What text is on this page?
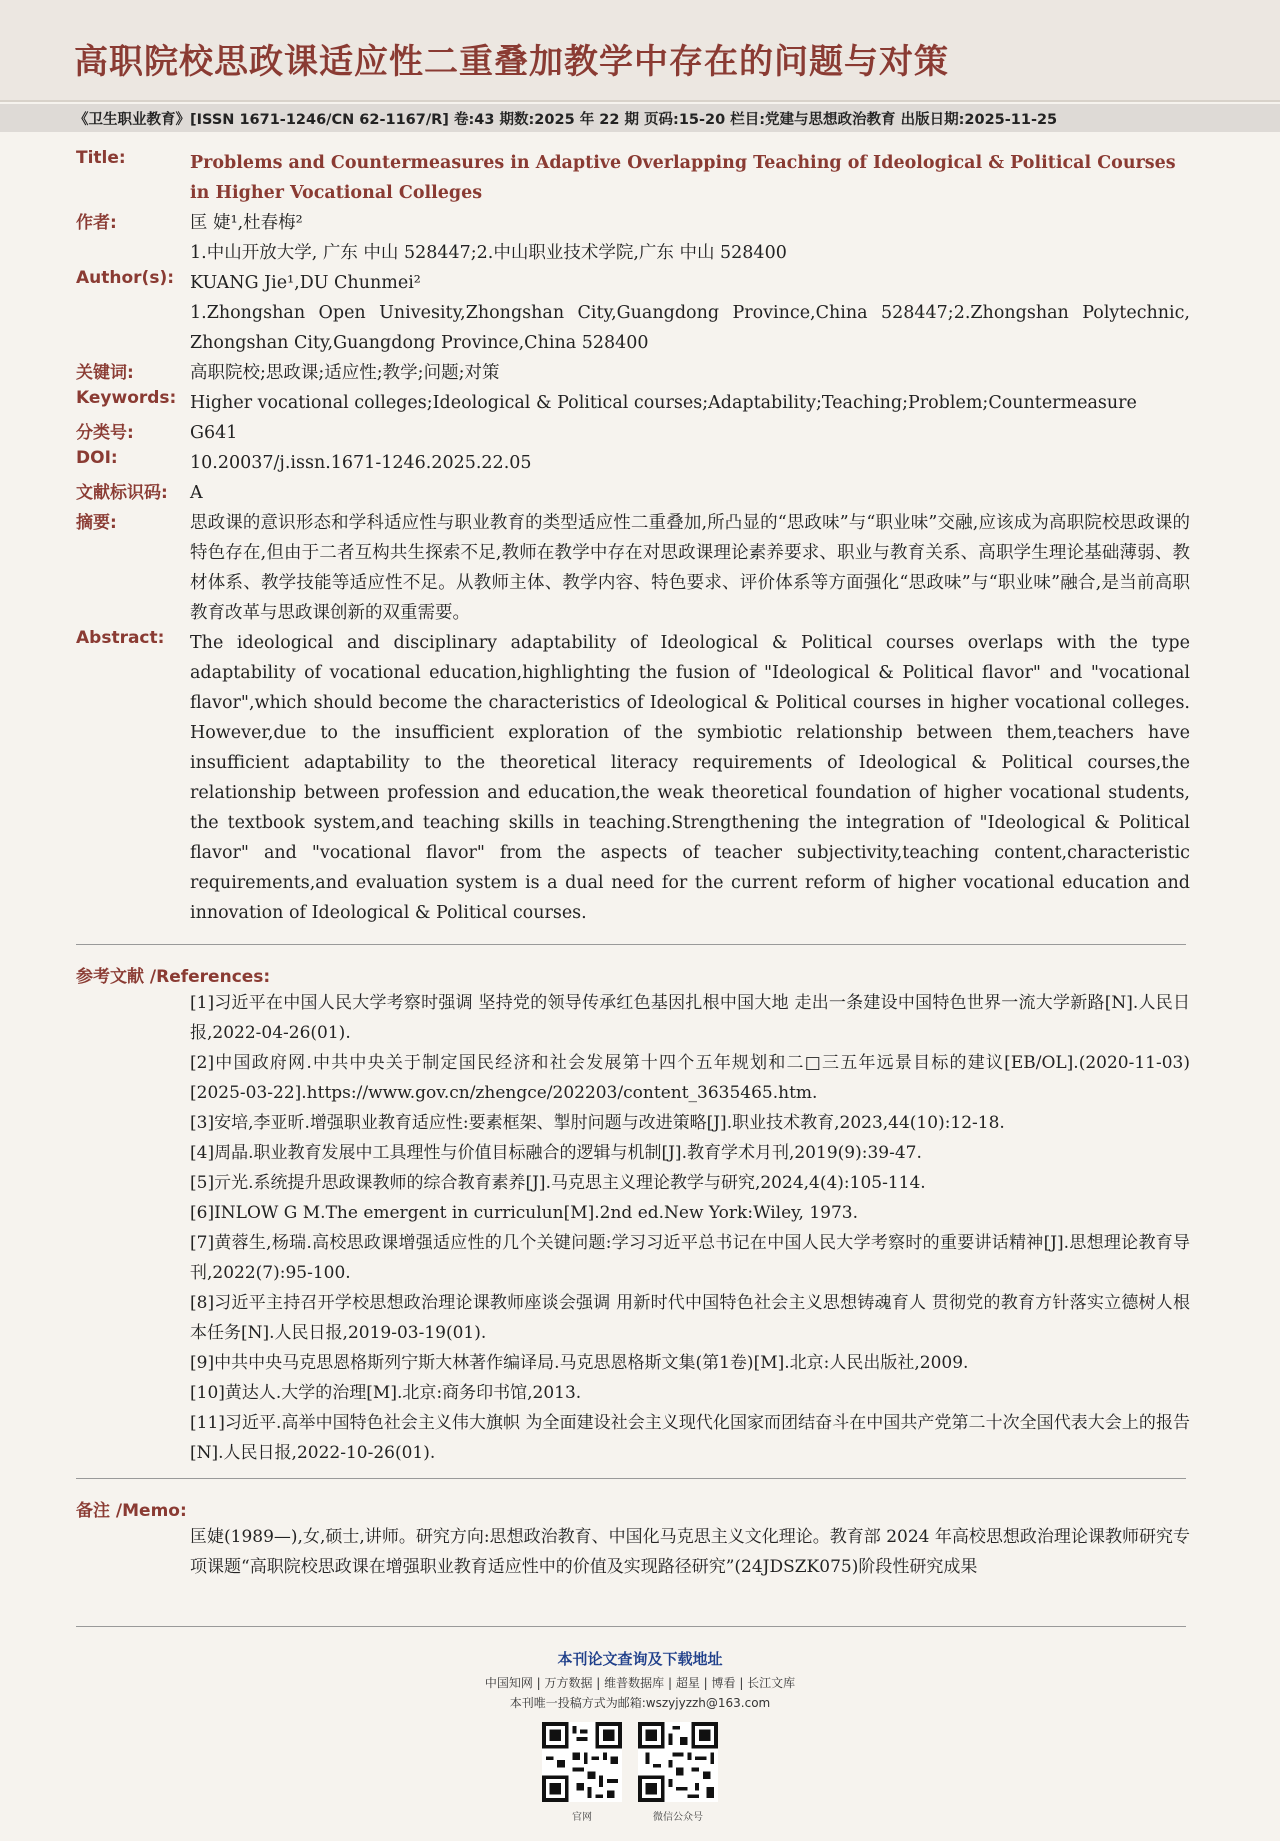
高职院校思政课适应性二重叠加教学中存在的问题与对策
《卫生职业教育》[ISSN 1671-1246/CN 62-1167/R] 卷:43 期数:2025 年 22 期 页码:15-20 栏目:党建与思想政治教育 出版日期:2025-11-25
Title:	Problems and Countermeasures in Adaptive Overlapping Teaching of Ideological & Political Courses in Higher Vocational Colleges
作者:	匡 婕¹,杜春梅²
1.中山开放大学, 广东 中山 528447;2.中山职业技术学院,广东 中山 528400
Author(s): KUANG Jie¹,DU Chunmei²
1.Zhongshan Open Univesity,Zhongshan City,Guangdong Province,China 528447;2.Zhongshan Polytechnic, Zhongshan City,Guangdong Province,China 528400
关键词:	高职院校;思政课;适应性;教学;问题;对策
Keywords: Higher vocational colleges;Ideological & Political courses;Adaptability;Teaching;Problem;Countermeasure
分类号:	G641
DOI:	10.20037/j.issn.1671-1246.2025.22.05
文献标识码:	A
摘要:	思政课的意识形态和学科适应性与职业教育的类型适应性二重叠加,所凸显的“思政味”与“职业味”交融,应该成为高职院校思政课的特色存在,但由于二者互构共生探索不足,教师在教学中存在对思政课理论素养要求、职业与教育关系、高职学生理论基础薄弱、教材体系、教学技能等适应性不足。从教师主体、教学内容、特色要求、评价体系等方面强化“思政味”与“职业味”融合,是当前高职教育改革与思政课创新的双重需要。
Abstract:	The ideological and disciplinary adaptability of Ideological & Political courses overlaps with the type adaptability of vocational education,highlighting the fusion of "Ideological & Political flavor" and "vocational flavor",which should become the characteristics of Ideological & Political courses in higher vocational colleges. However,due to the insufficient exploration of the symbiotic relationship between them,teachers have insufficient adaptability to the theoretical literacy requirements of Ideological & Political courses,the relationship between profession and education,the weak theoretical foundation of higher vocational students, the textbook system,and teaching skills in teaching.Strengthening the integration of "Ideological & Political flavor" and "vocational flavor" from the aspects of teacher subjectivity,teaching content,characteristic requirements,and evaluation system is a dual need for the current reform of higher vocational education and innovation of Ideological & Political courses.
参考文献 /References:
[1]习近平在中国人民大学考察时强调 坚持党的领导传承红色基因扎根中国大地 走出一条建设中国特色世界一流大学新路[N].人民日报,2022-04-26(01).
[2]中国政府网.中共中央关于制定国民经济和社会发展第十四个五年规划和二□三五年远景目标的建议[EB/OL].(2020-11-03)[2025-03-22].https://www.gov.cn/zhengce/202203/content_3635465.htm.
[3]安培,李亚昕.增强职业教育适应性:要素框架、掣肘问题与改进策略[J].职业技术教育,2023,44(10):12-18.
[4]周晶.职业教育发展中工具理性与价值目标融合的逻辑与机制[J].教育学术月刊,2019(9):39-47.
[5]亓光.系统提升思政课教师的综合教育素养[J].马克思主义理论教学与研究,2024,4(4):105-114.
[6]INLOW G M.The emergent in curriculun[M].2nd ed.New York:Wiley, 1973.
[7]黄蓉生,杨瑞.高校思政课增强适应性的几个关键问题:学习习近平总书记在中国人民大学考察时的重要讲话精神[J].思想理论教育导刊,2022(7):95-100.
[8]习近平主持召开学校思想政治理论课教师座谈会强调 用新时代中国特色社会主义思想铸魂育人 贯彻党的教育方针落实立德树人根本任务[N].人民日报,2019-03-19(01).
[9]中共中央马克思恩格斯列宁斯大林著作编译局.马克思恩格斯文集(第1卷)[M].北京:人民出版社,2009.
[10]黄达人.大学的治理[M].北京:商务印书馆,2013.
[11]习近平.高举中国特色社会主义伟大旗帜 为全面建设社会主义现代化国家而团结奋斗在中国共产党第二十次全国代表大会上的报告[N].人民日报,2022-10-26(01).
备注 /Memo:
匡婕(1989—),女,硕士,讲师。研究方向:思想政治教育、中国化马克思主义文化理论。教育部 2024 年高校思想政治理论课教师研究专项课题“高职院校思政课在增强职业教育适应性中的价值及实现路径研究”(24JDSZK075)阶段性研究成果
本刊论文查询及下载地址
中国知网 | 万方数据 | 维普数据库 | 超星 | 博看 | 长江文库
本刊唯一投稿方式为邮箱:wszyjyzzh@163.com
官网	微信公众号
